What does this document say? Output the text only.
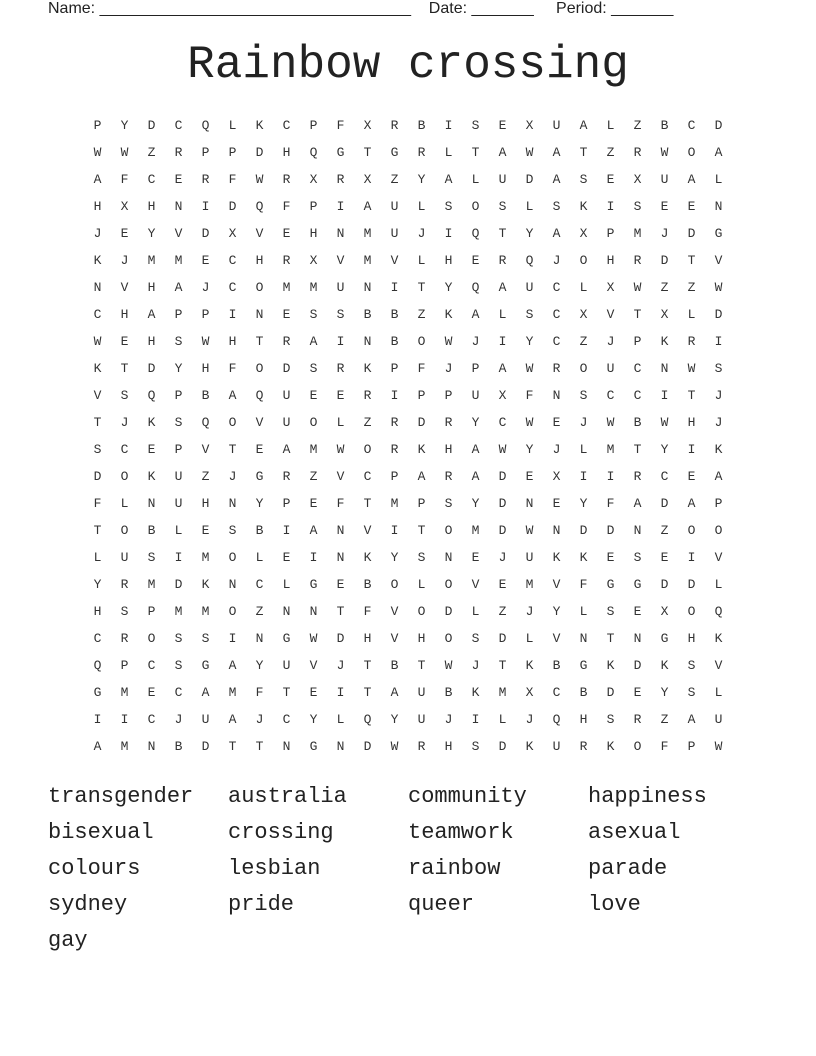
Name: ___________________________________ Date: _______ Period: _______
Rainbow crossing
P	Y	D	C	Q	L	K	C	P	F	X	R	B	I	S	E	X	U	A	L	Z	B	C	D
W	W	Z	R	P	P	D	H	Q	G	T	G	R	L	T	A	W	A	T	Z	R	W	O	A
A	F	C	E	R	F	W	R	X	R	X	Z	Y	A	L	U	D	A	S	E	X	U	A	L
H	X	H	N	I	D	Q	F	P	I	A	U	L	S	O	S	L	S	K	I	S	E	E	N
J	E	Y	V	D	X	V	E	H	N	M	U	J	I	Q	T	Y	A	X	P	M	J	D	G
K	J	M	M	E	C	H	R	X	V	M	V	L	H	E	R	Q	J	O	H	R	D	T	V
N	V	H	A	J	C	O	M	M	U	N	I	T	Y	Q	A	U	C	L	X	W	Z	Z	W
C	H	A	P	P	I	N	E	S	S	B	B	Z	K	A	L	S	C	X	V	T	X	L	D
W	E	H	S	W	H	T	R	A	I	N	B	O	W	J	I	Y	C	Z	J	P	K	R	I
K	T	D	Y	H	F	O	D	S	R	K	P	F	J	P	A	W	R	O	U	C	N	W	S
V	S	Q	P	B	A	Q	U	E	E	R	I	P	P	U	X	F	N	S	C	C	I	T	J
T	J	K	S	Q	O	V	U	O	L	Z	R	D	R	Y	C	W	E	J	W	B	W	H	J
S	C	E	P	V	T	E	A	M	W	O	R	K	H	A	W	Y	J	L	M	T	Y	I	K
D	O	K	U	Z	J	G	R	Z	V	C	P	A	R	A	D	E	X	I	I	R	C	E	A
F	L	N	U	H	N	Y	P	E	F	T	M	P	S	Y	D	N	E	Y	F	A	D	A	P
T	O	B	L	E	S	B	I	A	N	V	I	T	O	M	D	W	N	D	D	N	Z	O	O
L	U	S	I	M	O	L	E	I	N	K	Y	S	N	E	J	U	K	K	E	S	E	I	V
Y	R	M	D	K	N	C	L	G	E	B	O	L	O	V	E	M	V	F	G	G	D	D	L
H	S	P	M	M	O	Z	N	N	T	F	V	O	D	L	Z	J	Y	L	S	E	X	O	Q
C	R	O	S	S	I	N	G	W	D	H	V	H	O	S	D	L	V	N	T	N	G	H	K
Q	P	C	S	G	A	Y	U	V	J	T	B	T	W	J	T	K	B	G	K	D	K	S	V
G	M	E	C	A	M	F	T	E	I	T	A	U	B	K	M	X	C	B	D	E	Y	S	L
I	I	C	J	U	A	J	C	Y	L	Q	Y	U	J	I	L	J	Q	H	S	R	Z	A	U
A	M	N	B	D	T	T	N	G	N	D	W	R	H	S	D	K	U	R	K	O	F	P	W
transgender	australia	community	happiness
bisexual	crossing	teamwork	asexual
colours	lesbian	rainbow	parade
sydney	pride	queer	love
gay
